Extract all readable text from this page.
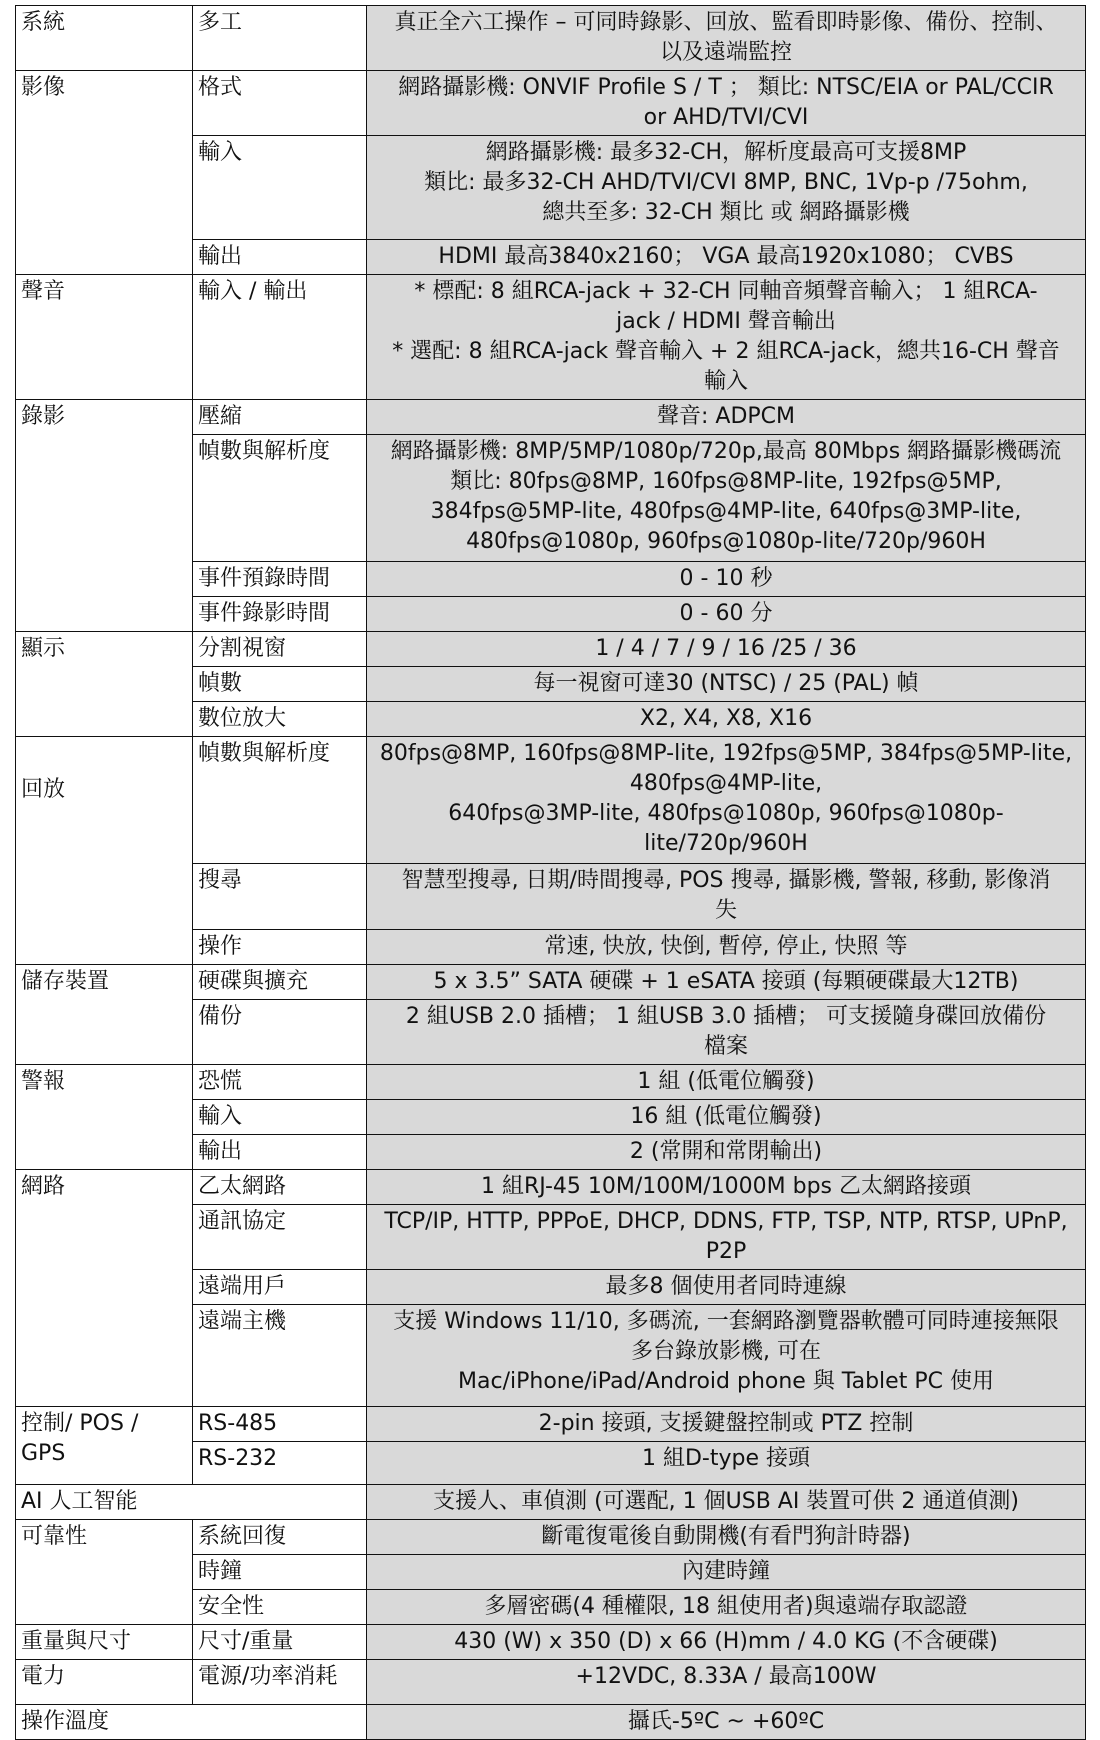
系統	多工	真正全六工操作 – 可同時錄影、回放、監看即時影像、備份、控制、
以及遠端監控
影像	格式	網路攝影機: ONVIF Profile S / T ； 類比: NTSC/EIA or PAL/CCIR
or AHD/TVI/CVI
	輸入	網路攝影機: 最多32-CH，解析度最高可支援8MP
類比: 最多32-CH AHD/TVI/CVI 8MP, BNC, 1Vp-p /75ohm,
總共至多: 32-CH 類比 或 網路攝影機
	輸出	HDMI 最高3840x2160； VGA 最高1920x1080； CVBS
聲音	輸入 / 輸出	* 標配: 8 組RCA-jack + 32-CH 同軸音頻聲音輸入； 1 組RCA-
jack / HDMI 聲音輸出
* 選配: 8 組RCA-jack 聲音輸入 + 2 組RCA-jack，總共16-CH 聲音
輸入
錄影	壓縮	聲音: ADPCM
	幀數與解析度	網路攝影機: 8MP/5MP/1080p/720p,最高 80Mbps 網路攝影機碼流
類比: 80fps@8MP, 160fps@8MP-lite, 192fps@5MP,
384fps@5MP-lite, 480fps@4MP-lite, 640fps@3MP-lite,
480fps@1080p, 960fps@1080p-lite/720p/960H
	事件預錄時間	0 - 10 秒
	事件錄影時間	0 - 60 分
顯示	分割視窗	1 / 4 / 7 / 9 / 16 /25 / 36
	幀數	每一視窗可達30 (NTSC) / 25 (PAL) 幀
	數位放大	X2, X4, X8, X16
回放	幀數與解析度	80fps@8MP, 160fps@8MP-lite, 192fps@5MP, 384fps@5MP-lite,
480fps@4MP-lite,
640fps@3MP-lite, 480fps@1080p, 960fps@1080p-
lite/720p/960H
	搜尋	智慧型搜尋, 日期/時間搜尋, POS 搜尋, 攝影機, 警報, 移動, 影像消
失
	操作	常速, 快放, 快倒, 暫停, 停止, 快照 等
儲存裝置	硬碟與擴充	5 x 3.5” SATA 硬碟 + 1 eSATA 接頭 (每顆硬碟最大12TB)
	備份	2 組USB 2.0 插槽； 1 組USB 3.0 插槽； 可支援隨身碟回放備份
檔案
警報	恐慌	1 組 (低電位觸發)
	輸入	16 組 (低電位觸發)
	輸出	2 (常開和常閉輸出)
網路	乙太網路	1 組RJ-45 10M/100M/1000M bps 乙太網路接頭
	通訊協定	TCP/IP, HTTP, PPPoE, DHCP, DDNS, FTP, TSP, NTP, RTSP, UPnP,
P2P
	遠端用戶	最多8 個使用者同時連線
	遠端主機	支援 Windows 11/10, 多碼流, 一套網路瀏覽器軟體可同時連接無限
多台錄放影機, 可在
Mac/iPhone/iPad/Android phone 與 Tablet PC 使用
控制/ POS /
GPS	RS-485	2-pin 接頭, 支援鍵盤控制或 PTZ 控制
	RS-232	1 組D-type 接頭
AI 人工智能		支援人、車偵測 (可選配, 1 個USB AI 裝置可供 2 通道偵測)
可靠性	系統回復	斷電復電後自動開機(有看門狗計時器)
	時鐘	內建時鐘
	安全性	多層密碼(4 種權限, 18 組使用者)與遠端存取認證
重量與尺寸	尺寸/重量	430 (W) x 350 (D) x 66 (H)mm / 4.0 KG (不含硬碟)
電力	電源/功率消耗	+12VDC, 8.33A / 最高100W
操作溫度		攝氏-5ºC ~ +60ºC
